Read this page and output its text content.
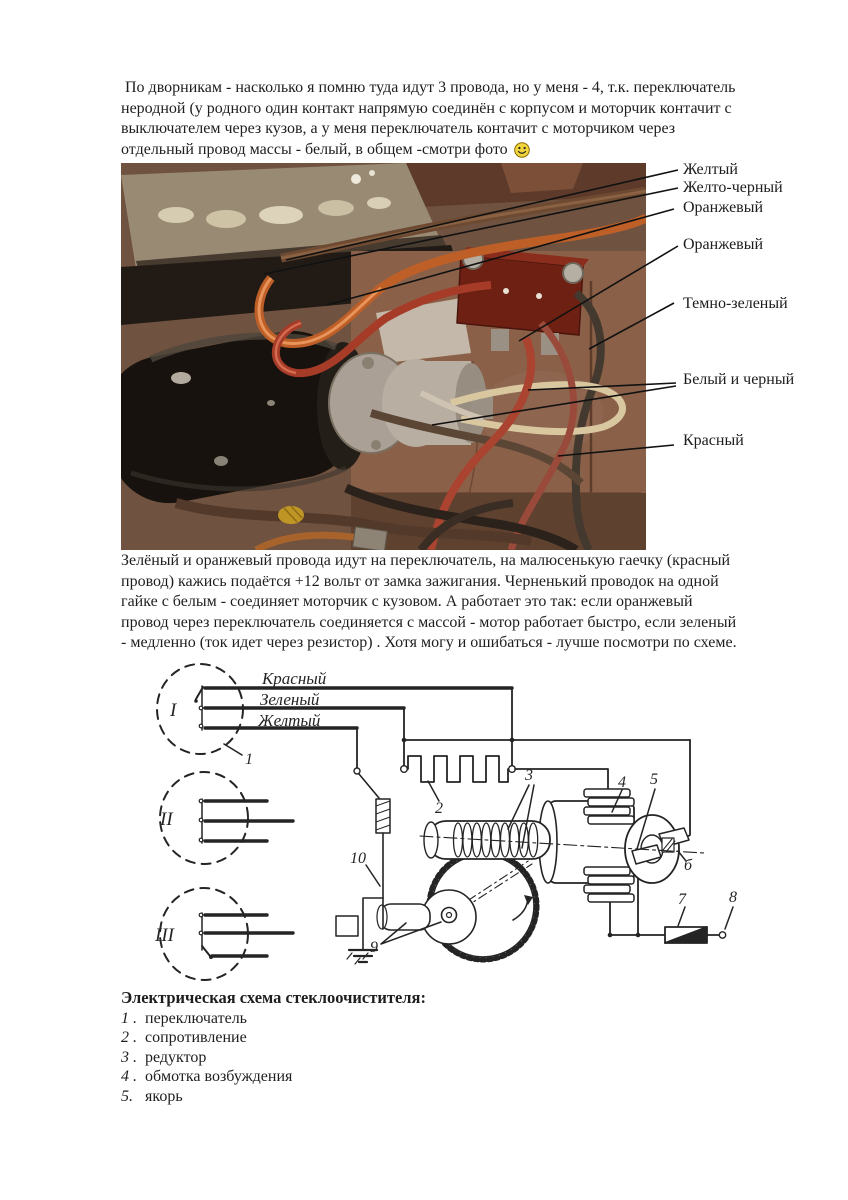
По дворникам - насколько я помню туда идут 3 провода, но у меня - 4, т.к. переключатель
неродной (у родного один контакт напрямую соединён с корпусом и моторчик контачит с
выключателем через кузов, а у меня переключатель контачит с моторчиком через
отдельный провод массы - белый, в общем -смотри фото
Желтый
Желто-черный
Оранжевый
Оранжевый
Темно-зеленый
Белый и черный
Красный
Зелёный и оранжевый провода идут на переключатель, на малюсенькую гаечку (красный
провод) кажись подаётся +12 вольт от замка зажигания. Черненький проводок на одной
гайке с белым - соединяет моторчик с кузовом. А работает это так: если оранжевый
провод через переключатель соединяется с массой - мотор работает быстро, если зеленый
- медленно (ток идет через резистор) . Хотя могу и ошибаться - лучше посмотри по схеме.
Красный
Зеленый
Желтый
I
II
III
1
2
3	4 5
б
7	8
9
10
Электрическая схема стеклоочистителя:
1 . переключатель
2 . сопротивление
3 . редуктор
4 . обмотка возбуждения
5. якорь
